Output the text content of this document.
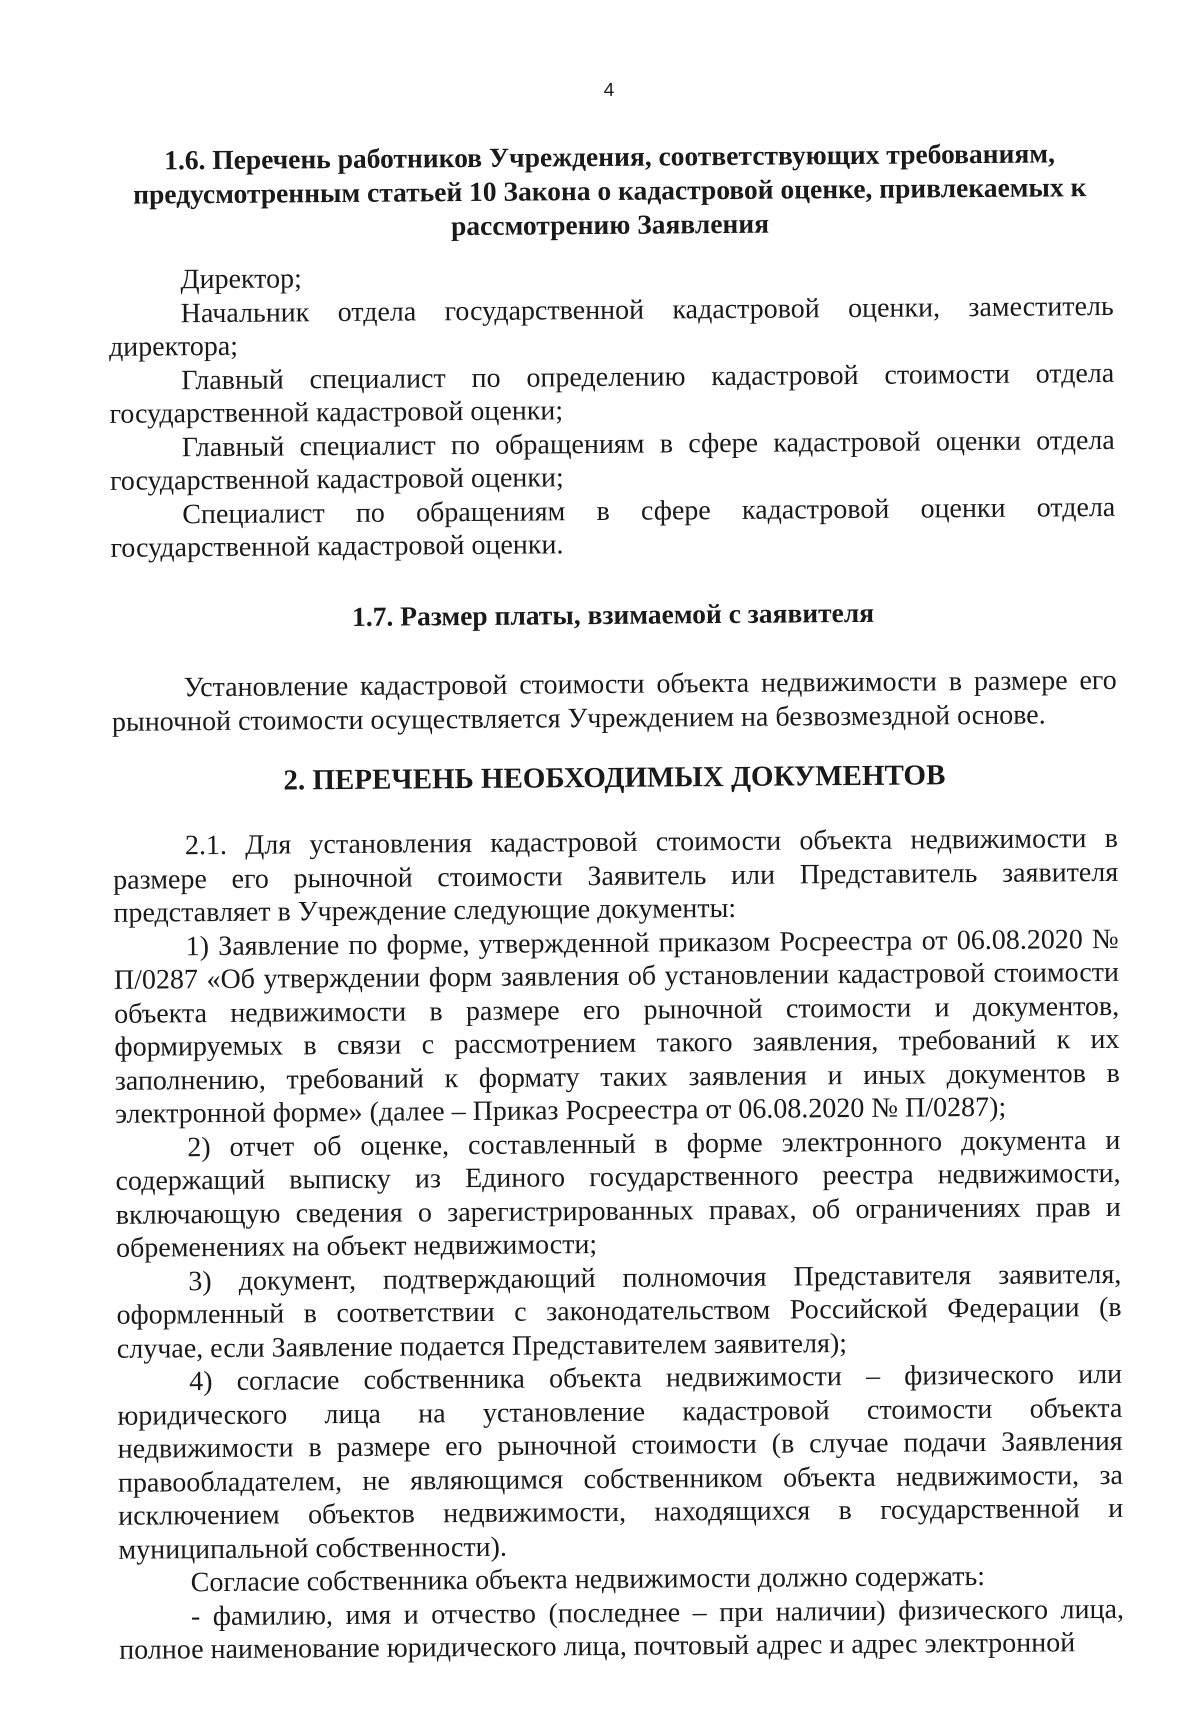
4
1.6. Перечень работников Учреждения, соответствующих требованиям, предусмотренным статьей 10 Закона о кадастровой оценке, привлекаемых к рассмотрению Заявления

Директор;

Начальник отдела государственной кадастровой оценки, заместитель директора;

Главный специалист по определению кадастровой стоимости отдела государственной кадастровой оценки;

Главный специалист по обращениям в сфере кадастровой оценки отдела государственной кадастровой оценки;

Специалист по обращениям в сфере кадастровой оценки отдела государственной кадастровой оценки.

1.7. Размер платы, взимаемой с заявителя

Установление кадастровой стоимости объекта недвижимости в размере его рыночной стоимости осуществляется Учреждением на безвозмездной основе.

2. ПЕРЕЧЕНЬ НЕОБХОДИМЫХ ДОКУМЕНТОВ

2.1. Для установления кадастровой стоимости объекта недвижимости в размере его рыночной стоимости Заявитель или Представитель заявителя представляет в Учреждение следующие документы:

1) Заявление по форме, утвержденной приказом Росреестра от 06.08.2020 № П/0287 «Об утверждении форм заявления об установлении кадастровой стоимости объекта недвижимости в размере его рыночной стоимости и документов, формируемых в связи с рассмотрением такого заявления, требований к их заполнению, требований к формату таких заявления и иных документов в электронной форме» (далее – Приказ Росреестра от 06.08.2020 № П/0287);

2) отчет об оценке, составленный в форме электронного документа и содержащий выписку из Единого государственного реестра недвижимости, включающую сведения о зарегистрированных правах, об ограничениях прав и обременениях на объект недвижимости;

3) документ, подтверждающий полномочия Представителя заявителя, оформленный в соответствии с законодательством Российской Федерации (в случае, если Заявление подается Представителем заявителя);

4) согласие собственника объекта недвижимости – физического или юридического лица на установление кадастровой стоимости объекта недвижимости в размере его рыночной стоимости (в случае подачи Заявления правообладателем, не являющимся собственником объекта недвижимости, за исключением объектов недвижимости, находящихся в государственной и муниципальной собственности).

Согласие собственника объекта недвижимости должно содержать:

- фамилию, имя и отчество (последнее – при наличии) физического лица, полное наименование юридического лица, почтовый адрес и адрес электронной
